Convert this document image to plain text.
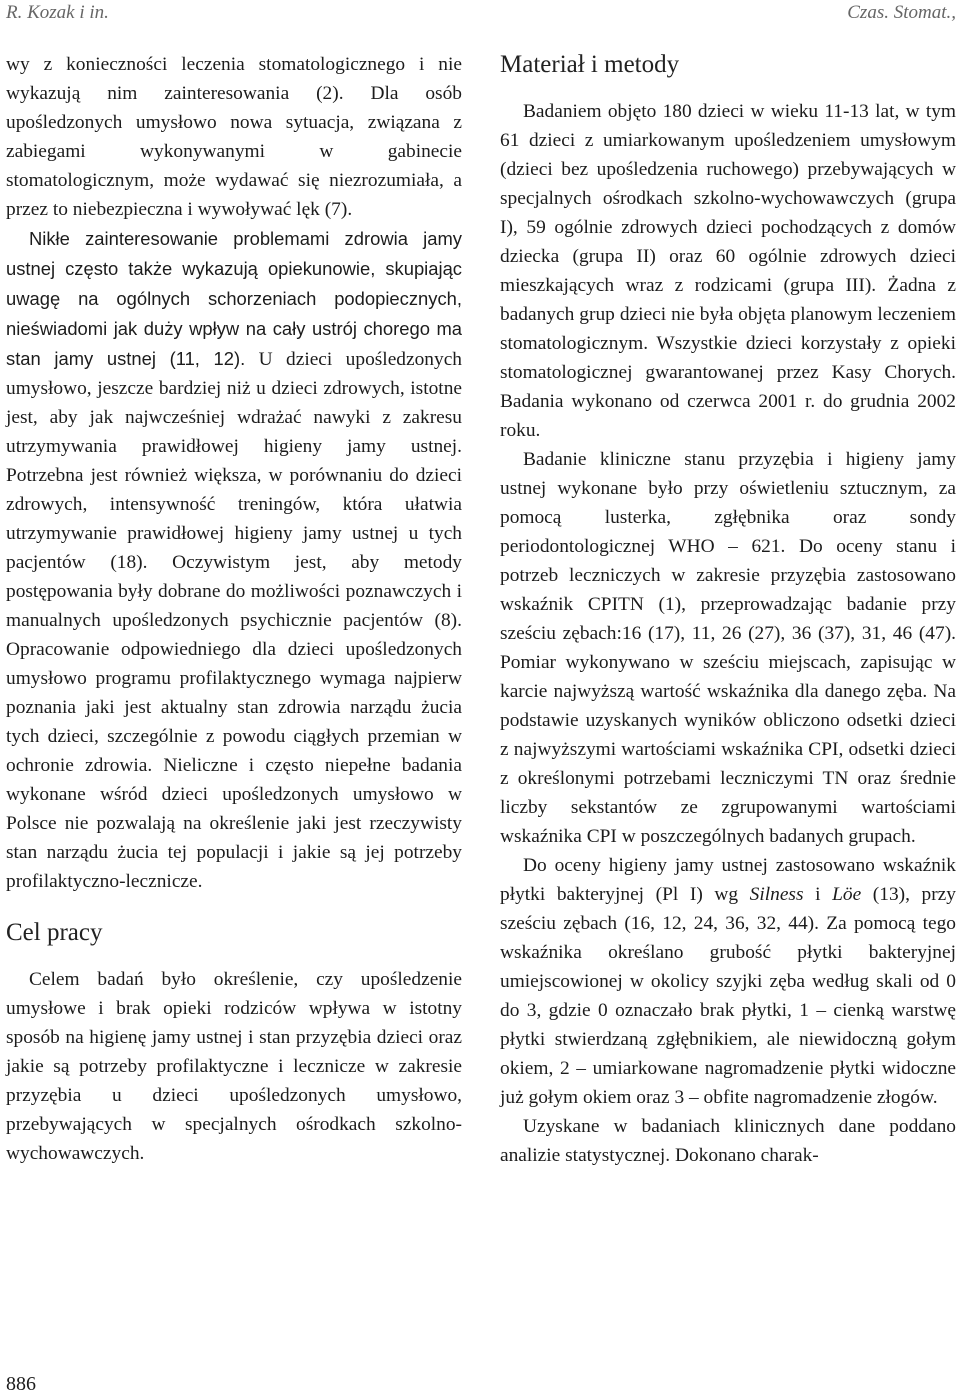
R. Kozak i in.	Czas. Stomat.,

wy z konieczności leczenia stomatologicznego i nie wykazują nim zainteresowania (2). Dla osób upośledzonych umysłowo nowa sytuacja, związana z zabiegami wykonywanymi w gabinecie stomatologicznym, może wydawać się niezrozumiała, a przez to niebezpieczna i wywoływać lęk (7).

Nikłe zainteresowanie problemami zdrowia jamy ustnej często także wykazują opiekunowie, skupiając uwagę na ogólnych schorzeniach podopiecznych, nieświadomi jak duży wpływ na cały ustrój chorego ma stan jamy ustnej (11, 12). U dzieci upośledzonych umysłowo, jeszcze bardziej niż u dzieci zdrowych, istotne jest, aby jak najwcześniej wdrażać nawyki z zakresu utrzymywania prawidłowej higieny jamy ustnej. Potrzebna jest również większa, w porównaniu do dzieci zdrowych, intensywność treningów, która ułatwia utrzymywanie prawidłowej higieny jamy ustnej u tych pacjentów (18). Oczywistym jest, aby metody postępowania były dobrane do możliwości poznawczych i manualnych upośledzonych psychicznie pacjentów (8). Opracowanie odpowiedniego dla dzieci upośledzonych umysłowo programu profilaktycznego wymaga najpierw poznania jaki jest aktualny stan zdrowia narządu żucia tych dzieci, szczególnie z powodu ciągłych przemian w ochronie zdrowia. Nieliczne i często niepełne badania wykonane wśród dzieci upośledzonych umysłowo w Polsce nie pozwalają na określenie jaki jest rzeczywisty stan narządu żucia tej populacji i jakie są jej potrzeby profilaktyczno-lecznicze.

Cel pracy

Celem badań było określenie, czy upośledzenie umysłowe i brak opieki rodziców wpływa w istotny sposób na higienę jamy ustnej i stan przyzębia dzieci oraz jakie są potrzeby profilaktyczne i lecznicze w zakresie przyzębia u dzieci upośledzonych umysłowo, przebywających w specjalnych ośrodkach szkolno-wychowawczych.

Materiał i metody

Badaniem objęto 180 dzieci w wieku 11-13 lat, w tym 61 dzieci z umiarkowanym upośledzeniem umysłowym (dzieci bez upośledzenia ruchowego) przebywających w specjalnych ośrodkach szkolno-wychowawczych (grupa I), 59 ogólnie zdrowych dzieci pochodzących z domów dziecka (grupa II) oraz 60 ogólnie zdrowych dzieci mieszkających wraz z rodzicami (grupa III). Żadna z badanych grup dzieci nie była objęta planowym leczeniem stomatologicznym. Wszystkie dzieci korzystały z opieki stomatologicznej gwarantowanej przez Kasy Chorych. Badania wykonano od czerwca 2001 r. do grudnia 2002 roku.

Badanie kliniczne stanu przyzębia i higieny jamy ustnej wykonane było przy oświetleniu sztucznym, za pomocą lusterka, zgłębnika oraz sondy periodontologicznej WHO – 621. Do oceny stanu i potrzeb leczniczych w zakresie przyzębia zastosowano wskaźnik CPITN (1), przeprowadzając badanie przy sześciu zębach:16 (17), 11, 26 (27), 36 (37), 31, 46 (47). Pomiar wykonywano w sześciu miejscach, zapisując w karcie najwyższą wartość wskaźnika dla danego zęba. Na podstawie uzyskanych wyników obliczono odsetki dzieci z najwyższymi wartościami wskaźnika CPI, odsetki dzieci z określonymi potrzebami leczniczymi TN oraz średnie liczby sekstantów ze zgrupowanymi wartościami wskaźnika CPI w poszczególnych badanych grupach.

Do oceny higieny jamy ustnej zastosowano wskaźnik płytki bakteryjnej (Pl I) wg Silness i Löe (13), przy sześciu zębach (16, 12, 24, 36, 32, 44). Za pomocą tego wskaźnika określano grubość płytki bakteryjnej umiejscowionej w okolicy szyjki zęba według skali od 0 do 3, gdzie 0 oznaczało brak płytki, 1 – cienką warstwę płytki stwierdzaną zgłębnikiem, ale niewidoczną gołym okiem, 2 – umiarkowane nagromadzenie płytki widoczne już gołym okiem oraz 3 – obfite nagromadzenie złogów.

Uzyskane w badaniach klinicznych dane poddano analizie statystycznej. Dokonano charak-

886
